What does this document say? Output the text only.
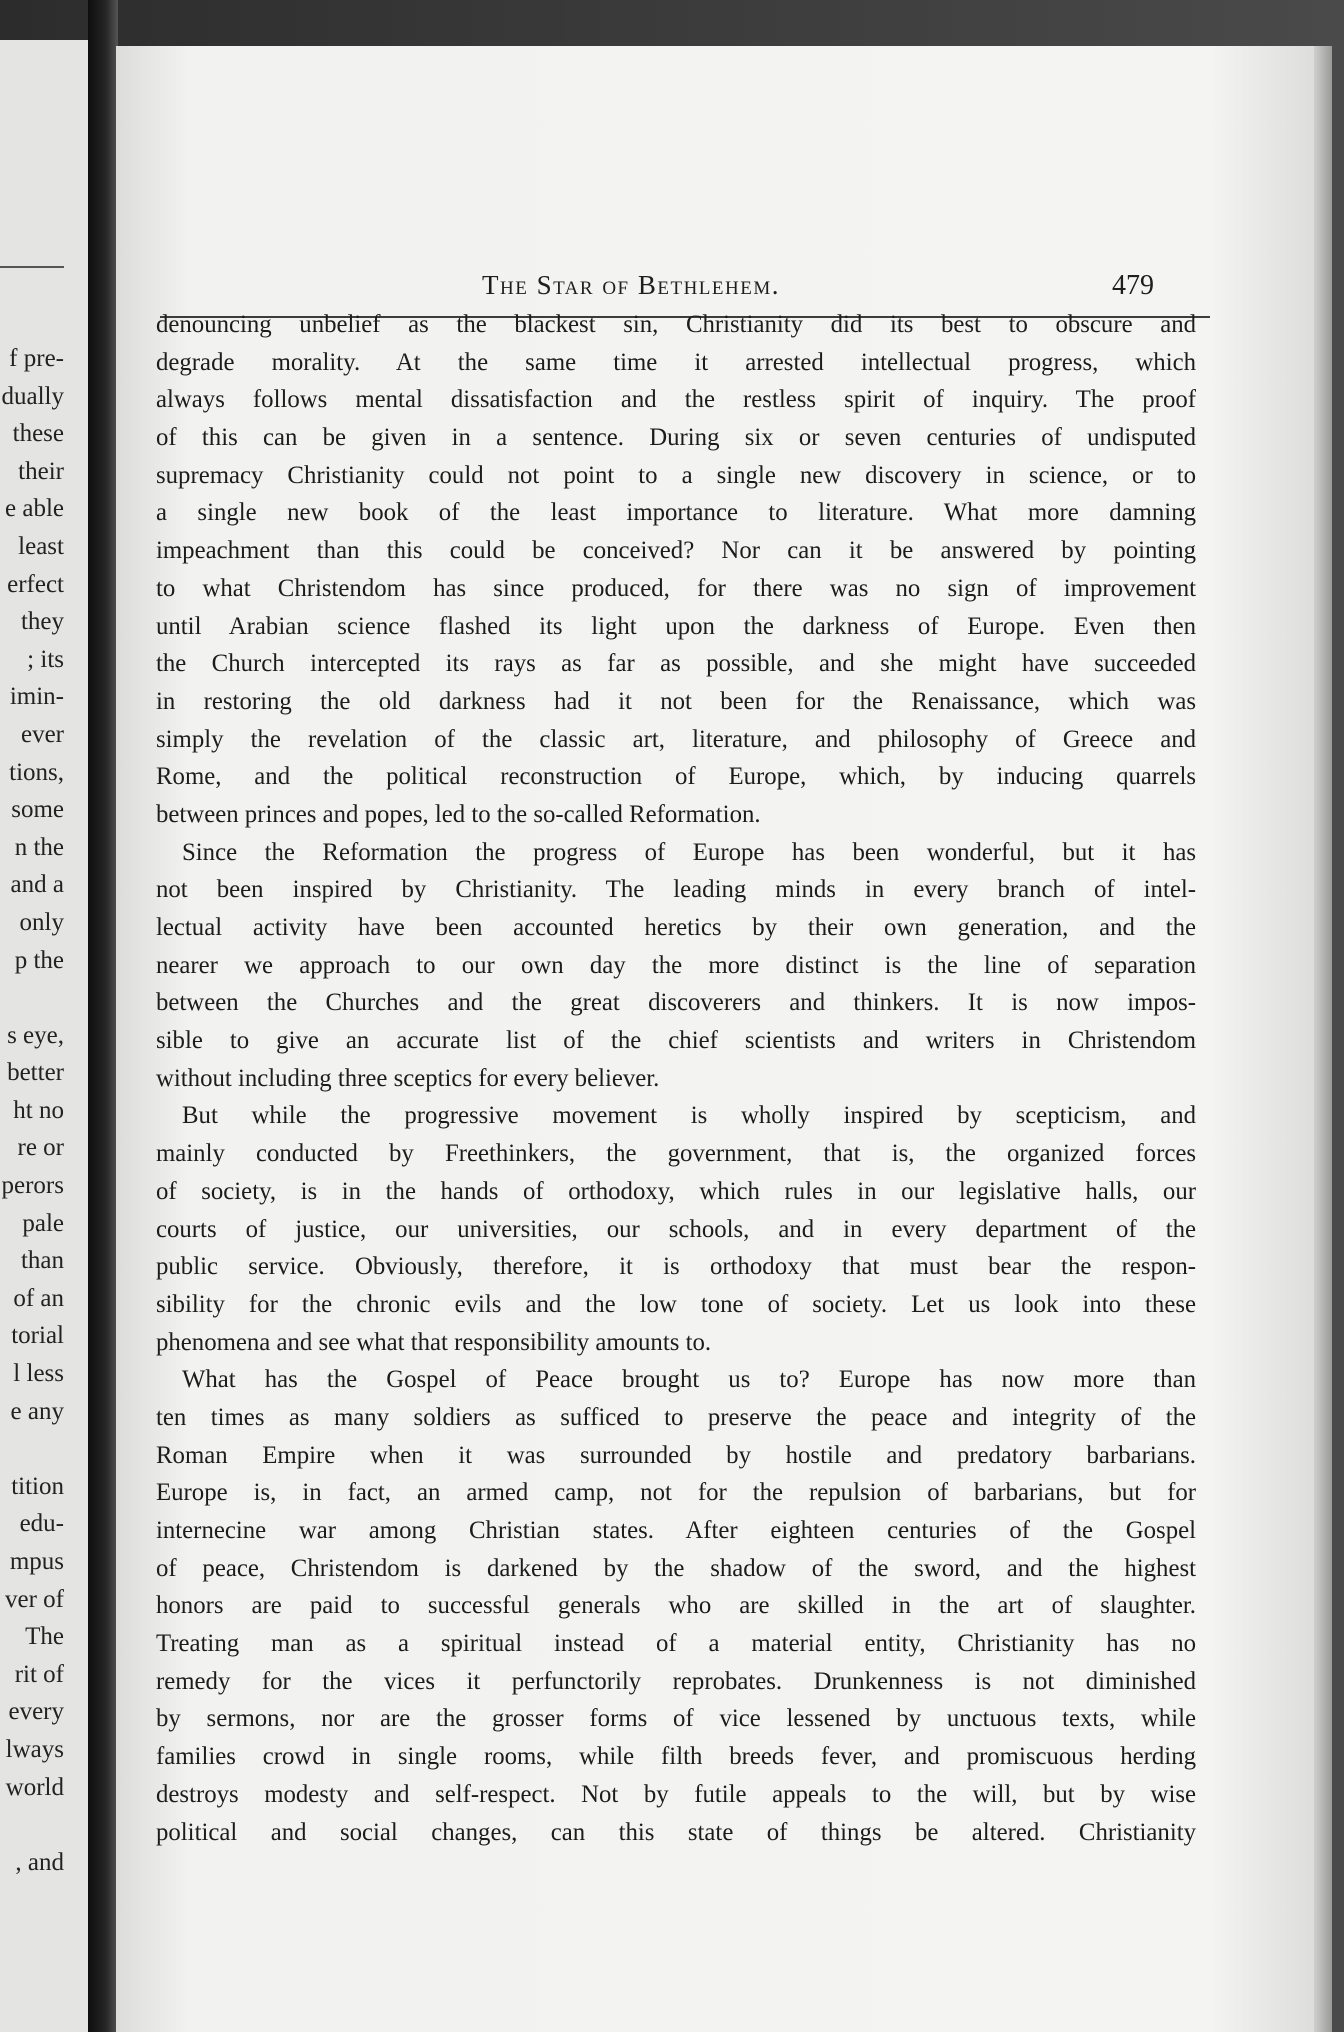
f pre-
dually
these
their
e able
least
erfect
they
; its
imin-
ever
tions,
some
n the
and a
only
p the
s eye,
better
ht no
re or
perors
pale
than
of an
torial
l less
e any
tition
edu-
mpus
ver of
The
rit of
every
lways
world
, and
The Star of Bethlehem.	479
denouncing unbelief as the blackest sin, Christianity did its best to obscure and
degrade morality. At the same time it arrested intellectual progress, which
always follows mental dissatisfaction and the restless spirit of inquiry. The proof
of this can be given in a sentence. During six or seven centuries of undisputed
supremacy Christianity could not point to a single new discovery in science, or to
a single new book of the least importance to literature. What more damning
impeachment than this could be conceived? Nor can it be answered by pointing
to what Christendom has since produced, for there was no sign of improvement
until Arabian science flashed its light upon the darkness of Europe. Even then
the Church intercepted its rays as far as possible, and she might have succeeded
in restoring the old darkness had it not been for the Renaissance, which was
simply the revelation of the classic art, literature, and philosophy of Greece and
Rome, and the political reconstruction of Europe, which, by inducing quarrels
between princes and popes, led to the so-called Reformation.
Since the Reformation the progress of Europe has been wonderful, but it has
not been inspired by Christianity. The leading minds in every branch of intel-
lectual activity have been accounted heretics by their own generation, and the
nearer we approach to our own day the more distinct is the line of separation
between the Churches and the great discoverers and thinkers. It is now impos-
sible to give an accurate list of the chief scientists and writers in Christendom
without including three sceptics for every believer.
But while the progressive movement is wholly inspired by scepticism, and
mainly conducted by Freethinkers, the government, that is, the organized forces
of society, is in the hands of orthodoxy, which rules in our legislative halls, our
courts of justice, our universities, our schools, and in every department of the
public service. Obviously, therefore, it is orthodoxy that must bear the respon-
sibility for the chronic evils and the low tone of society. Let us look into these
phenomena and see what that responsibility amounts to.
What has the Gospel of Peace brought us to? Europe has now more than
ten times as many soldiers as sufficed to preserve the peace and integrity of the
Roman Empire when it was surrounded by hostile and predatory barbarians.
Europe is, in fact, an armed camp, not for the repulsion of barbarians, but for
internecine war among Christian states. After eighteen centuries of the Gospel
of peace, Christendom is darkened by the shadow of the sword, and the highest
honors are paid to successful generals who are skilled in the art of slaughter.
Treating man as a spiritual instead of a material entity, Christianity has no
remedy for the vices it perfunctorily reprobates. Drunkenness is not diminished
by sermons, nor are the grosser forms of vice lessened by unctuous texts, while
families crowd in single rooms, while filth breeds fever, and promiscuous herding
destroys modesty and self-respect. Not by futile appeals to the will, but by wise
political and social changes, can this state of things be altered. Christianity
